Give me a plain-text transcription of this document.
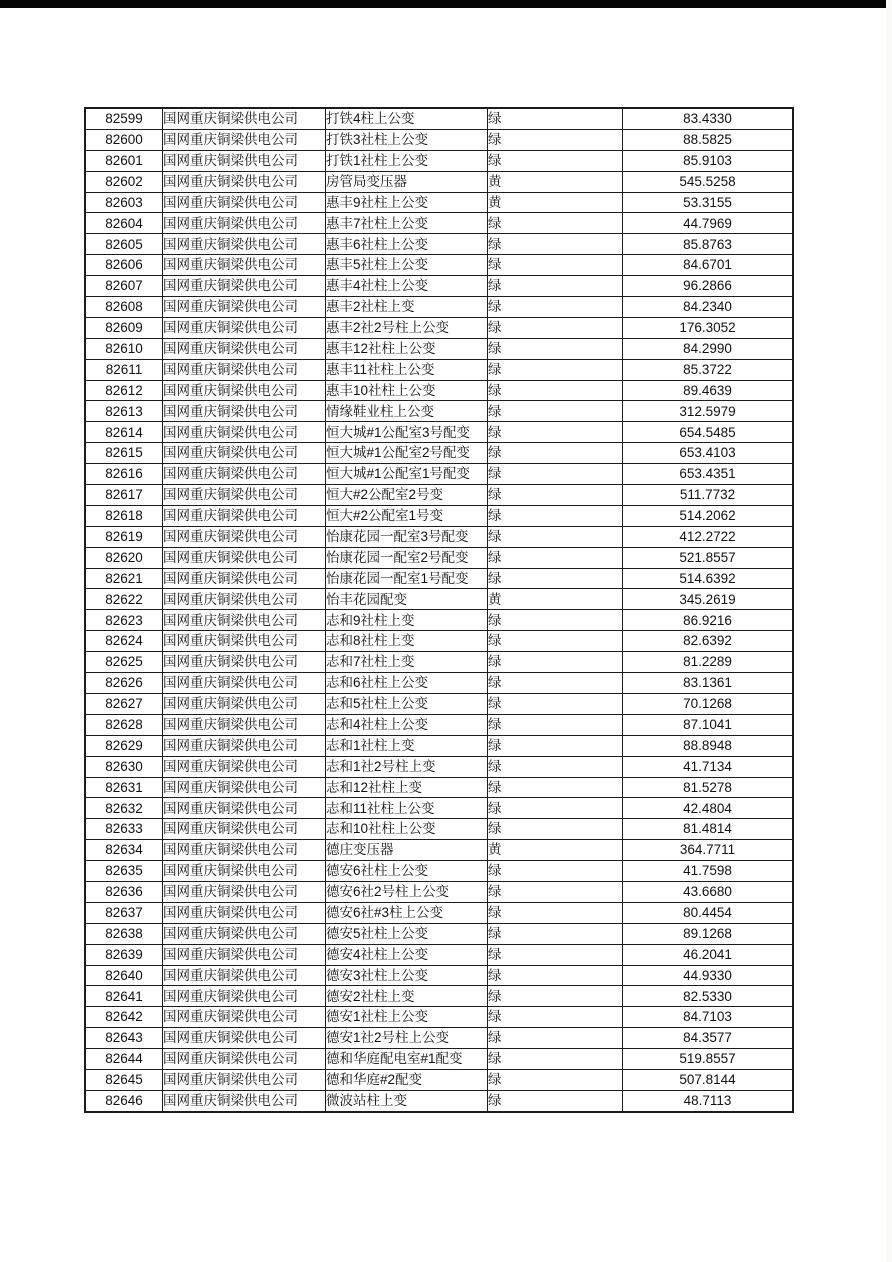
82599	国网重庆铜梁供电公司	打铁4柱上公变	绿	83.4330
82600	国网重庆铜梁供电公司	打铁3社柱上公变	绿	88.5825
82601	国网重庆铜梁供电公司	打铁1社柱上公变	绿	85.9103
82602	国网重庆铜梁供电公司	房管局变压器	黄	545.5258
82603	国网重庆铜梁供电公司	惠丰9社柱上公变	黄	53.3155
82604	国网重庆铜梁供电公司	惠丰7社柱上公变	绿	44.7969
82605	国网重庆铜梁供电公司	惠丰6社柱上公变	绿	85.8763
82606	国网重庆铜梁供电公司	惠丰5社柱上公变	绿	84.6701
82607	国网重庆铜梁供电公司	惠丰4社柱上公变	绿	96.2866
82608	国网重庆铜梁供电公司	惠丰2社柱上变	绿	84.2340
82609	国网重庆铜梁供电公司	惠丰2社2号柱上公变	绿	176.3052
82610	国网重庆铜梁供电公司	惠丰12社柱上公变	绿	84.2990
82611	国网重庆铜梁供电公司	惠丰11社柱上公变	绿	85.3722
82612	国网重庆铜梁供电公司	惠丰10社柱上公变	绿	89.4639
82613	国网重庆铜梁供电公司	情缘鞋业柱上公变	绿	312.5979
82614	国网重庆铜梁供电公司	恒大城#1公配室3号配变	绿	654.5485
82615	国网重庆铜梁供电公司	恒大城#1公配室2号配变	绿	653.4103
82616	国网重庆铜梁供电公司	恒大城#1公配室1号配变	绿	653.4351
82617	国网重庆铜梁供电公司	恒大#2公配室2号变	绿	511.7732
82618	国网重庆铜梁供电公司	恒大#2公配室1号变	绿	514.2062
82619	国网重庆铜梁供电公司	怡康花园一配室3号配变	绿	412.2722
82620	国网重庆铜梁供电公司	怡康花园一配室2号配变	绿	521.8557
82621	国网重庆铜梁供电公司	怡康花园一配室1号配变	绿	514.6392
82622	国网重庆铜梁供电公司	怡丰花园配变	黄	345.2619
82623	国网重庆铜梁供电公司	志和9社柱上变	绿	86.9216
82624	国网重庆铜梁供电公司	志和8社柱上变	绿	82.6392
82625	国网重庆铜梁供电公司	志和7社柱上变	绿	81.2289
82626	国网重庆铜梁供电公司	志和6社柱上公变	绿	83.1361
82627	国网重庆铜梁供电公司	志和5社柱上公变	绿	70.1268
82628	国网重庆铜梁供电公司	志和4社柱上公变	绿	87.1041
82629	国网重庆铜梁供电公司	志和1社柱上变	绿	88.8948
82630	国网重庆铜梁供电公司	志和1社2号柱上变	绿	41.7134
82631	国网重庆铜梁供电公司	志和12社柱上变	绿	81.5278
82632	国网重庆铜梁供电公司	志和11社柱上公变	绿	42.4804
82633	国网重庆铜梁供电公司	志和10社柱上公变	绿	81.4814
82634	国网重庆铜梁供电公司	德庄变压器	黄	364.7711
82635	国网重庆铜梁供电公司	德安6社柱上公变	绿	41.7598
82636	国网重庆铜梁供电公司	德安6社2号柱上公变	绿	43.6680
82637	国网重庆铜梁供电公司	德安6社#3柱上公变	绿	80.4454
82638	国网重庆铜梁供电公司	德安5社柱上公变	绿	89.1268
82639	国网重庆铜梁供电公司	德安4社柱上公变	绿	46.2041
82640	国网重庆铜梁供电公司	德安3社柱上公变	绿	44.9330
82641	国网重庆铜梁供电公司	德安2社柱上变	绿	82.5330
82642	国网重庆铜梁供电公司	德安1社柱上公变	绿	84.7103
82643	国网重庆铜梁供电公司	德安1社2号柱上公变	绿	84.3577
82644	国网重庆铜梁供电公司	德和华庭配电室#1配变	绿	519.8557
82645	国网重庆铜梁供电公司	德和华庭#2配变	绿	507.8144
82646	国网重庆铜梁供电公司	微波站柱上变	绿	48.7113
